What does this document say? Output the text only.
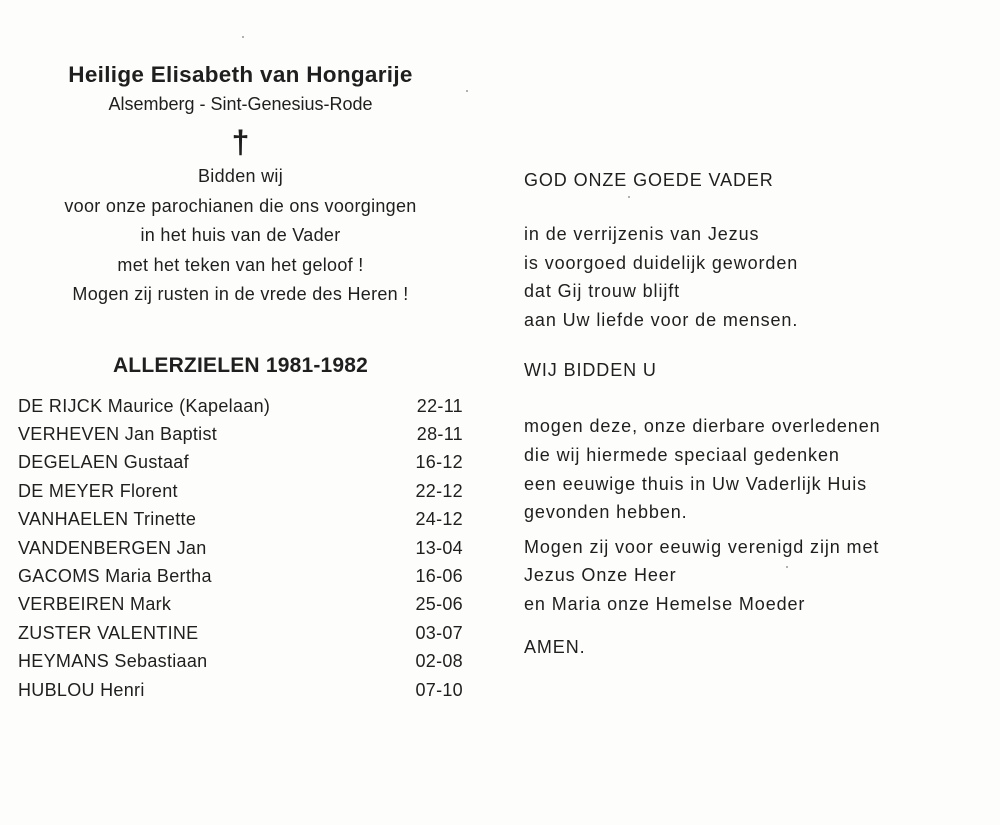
Heilige Elisabeth van Hongarije
Alsemberg - Sint-Genesius-Rode
†
Bidden wij
voor onze parochianen die ons voorgingen
in het huis van de Vader
met het teken van het geloof !
Mogen zij rusten in de vrede des Heren !
ALLERZIELEN 1981-1982
DE RIJCK Maurice (Kapelaan)	22-11
VERHEVEN Jan Baptist	28-11
DEGELAEN Gustaaf	16-12
DE MEYER Florent	22-12
VANHAELEN Trinette	24-12
VANDENBERGEN Jan	13-04
GACOMS Maria Bertha	16-06
VERBEIREN Mark	25-06
ZUSTER VALENTINE	03-07
HEYMANS Sebastiaan	02-08
HUBLOU Henri	07-10
GOD ONZE GOEDE VADER
in de verrijzenis van Jezus
is voorgoed duidelijk geworden
dat Gij trouw blijft
aan Uw liefde voor de mensen.
WIJ BIDDEN U
mogen deze, onze dierbare overledenen
die wij hiermede speciaal gedenken
een eeuwige thuis in Uw Vaderlijk Huis
gevonden hebben.
Mogen zij voor eeuwig verenigd zijn met
Jezus Onze Heer
en Maria onze Hemelse Moeder
AMEN.
